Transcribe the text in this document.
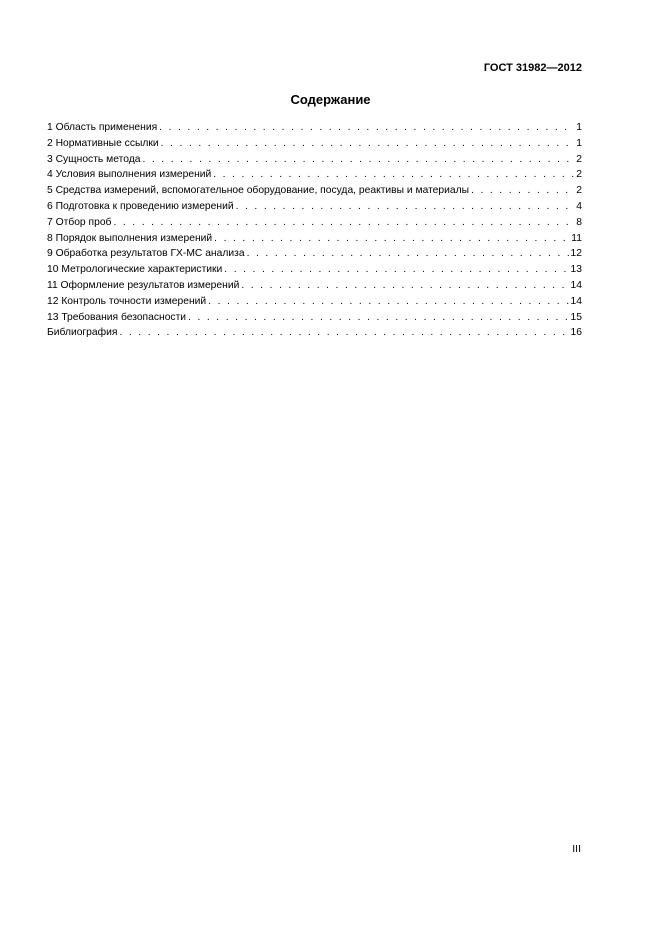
ГОСТ 31982—2012
Содержание
1 Область применения . . .	1
2 Нормативные ссылки . . .	1
3 Сущность метода . . .	2
4 Условия выполнения измерений . . .	2
5 Средства измерений, вспомогательное оборудование, посуда, реактивы и материалы . . .	2
6 Подготовка к проведению измерений . . .	4
7 Отбор проб . . .	8
8 Порядок выполнения измерений . . .	11
9 Обработка результатов ГХ-МС анализа . . .	12
10 Метрологические характеристики . . .	13
11 Оформление результатов измерений . . .	14
12 Контроль точности измерений . . .	14
13 Требования безопасности . . .	15
Библиография . . .	16
III
